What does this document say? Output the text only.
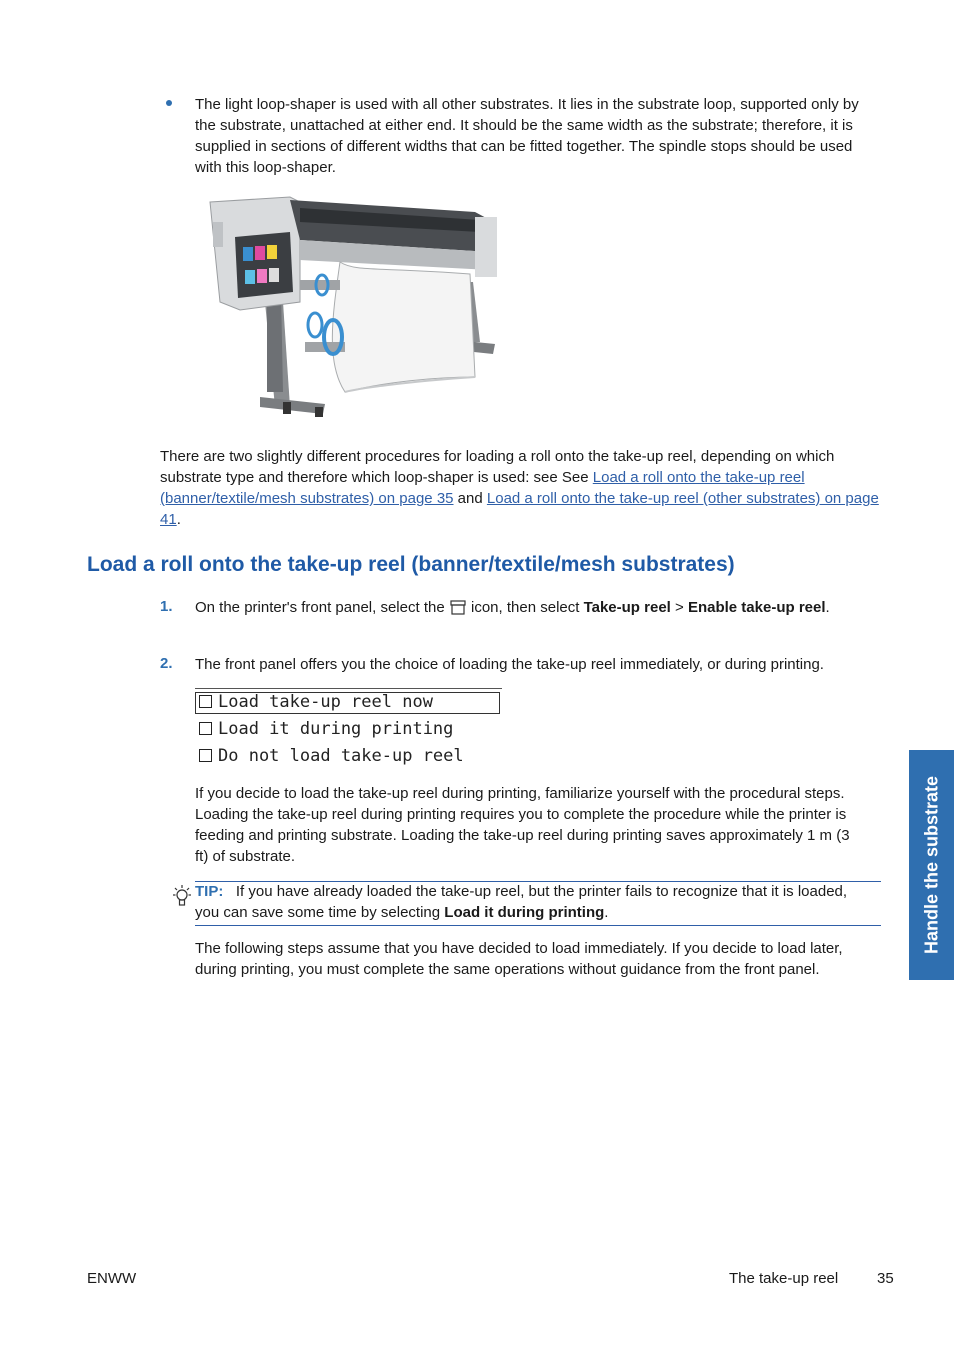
The light loop-shaper is used with all other substrates. It lies in the substrate loop, supported only by the substrate, unattached at either end. It should be the same width as the substrate; therefore, it is supplied in sections of different widths that can be fitted together. The spindle stops should be used with this loop-shaper.
There are two slightly different procedures for loading a roll onto the take-up reel, depending on which substrate type and therefore which loop-shaper is used: see See Load a roll onto the take-up reel (banner/textile/mesh substrates) on page 35 and Load a roll onto the take-up reel (other substrates) on page 41.
Load a roll onto the take-up reel (banner/textile/mesh substrates)
1. On the printer's front panel, select the  icon, then select Take-up reel > Enable take-up reel.
2. The front panel offers you the choice of loading the take-up reel immediately, or during printing.
Load take-up reel now
Load it during printing
Do not load take-up reel
If you decide to load the take-up reel during printing, familiarize yourself with the procedural steps. Loading the take-up reel during printing requires you to complete the procedure while the printer is feeding and printing substrate. Loading the take-up reel during printing saves approximately 1 m (3 ft) of substrate.
TIP: If you have already loaded the take-up reel, but the printer fails to recognize that it is loaded, you can save some time by selecting Load it during printing.
The following steps assume that you have decided to load immediately. If you decide to load later, during printing, you must complete the same operations without guidance from the front panel.
Handle the substrate
ENWW	The take-up reel	35
